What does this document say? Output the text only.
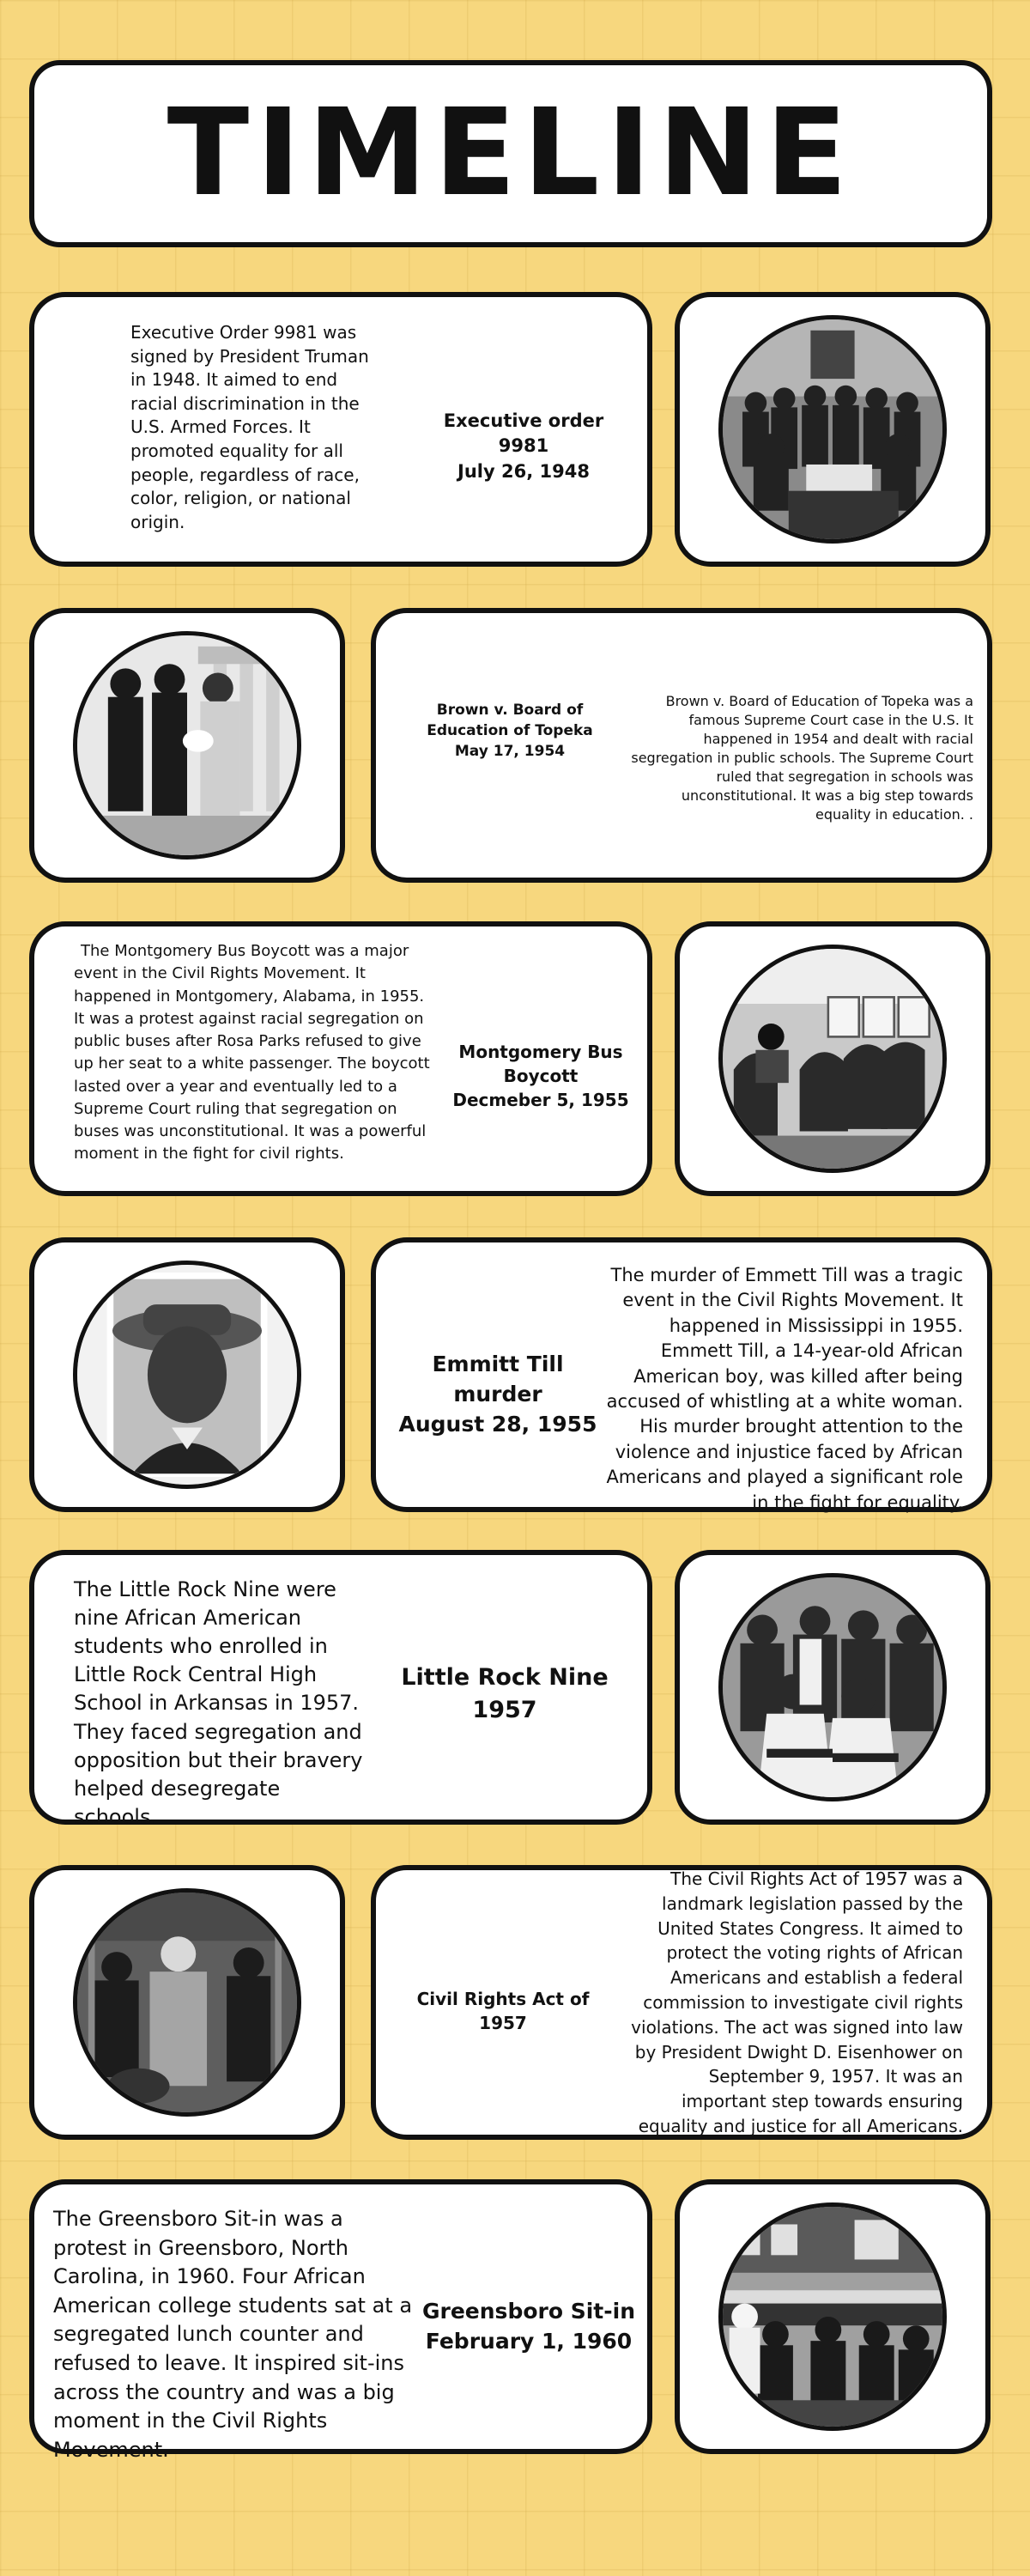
TIMELINE
Executive Order 9981 was signed by President Truman in 1948. It aimed to end racial discrimination in the U.S. Armed Forces. It promoted equality for all people, regardless of race, color, religion, or national origin.
Executive order 9981
July 26, 1948
Brown v. Board of Education of Topeka
May 17, 1954
Brown v. Board of Education of Topeka was a famous Supreme Court case in the U.S. It happened in 1954 and dealt with racial segregation in public schools. The Supreme Court ruled that segregation in schools was unconstitutional. It was a big step towards equality in education. .
The Montgomery Bus Boycott was a major event in the Civil Rights Movement. It happened in Montgomery, Alabama, in 1955. It was a protest against racial segregation on public buses after Rosa Parks refused to give up her seat to a white passenger. The boycott lasted over a year and eventually led to a Supreme Court ruling that segregation on buses was unconstitutional. It was a powerful moment in the fight for civil rights.
Montgomery Bus Boycott
Decmeber 5, 1955
Emmitt Till murder
August 28, 1955
The murder of Emmett Till was a tragic event in the Civil Rights Movement. It happened in Mississippi in 1955. Emmett Till, a 14-year-old African American boy, was killed after being accused of whistling at a white woman. His murder brought attention to the violence and injustice faced by African Americans and played a significant role in the fight for equality.
The Little Rock Nine were nine African American students who enrolled in Little Rock Central High School in Arkansas in 1957. They faced segregation and opposition but their bravery helped desegregate schools.
Little Rock Nine
1957
Civil Rights Act of 1957
The Civil Rights Act of 1957 was a landmark legislation passed by the United States Congress. It aimed to protect the voting rights of African Americans and establish a federal commission to investigate civil rights violations. The act was signed into law by President Dwight D. Eisenhower on September 9, 1957. It was an important step towards ensuring equality and justice for all Americans.
The Greensboro Sit-in was a protest in Greensboro, North Carolina, in 1960. Four African American college students sat at a segregated lunch counter and refused to leave. It inspired sit-ins across the country and was a big moment in the Civil Rights Movement.
Greensboro Sit-in
February 1, 1960
